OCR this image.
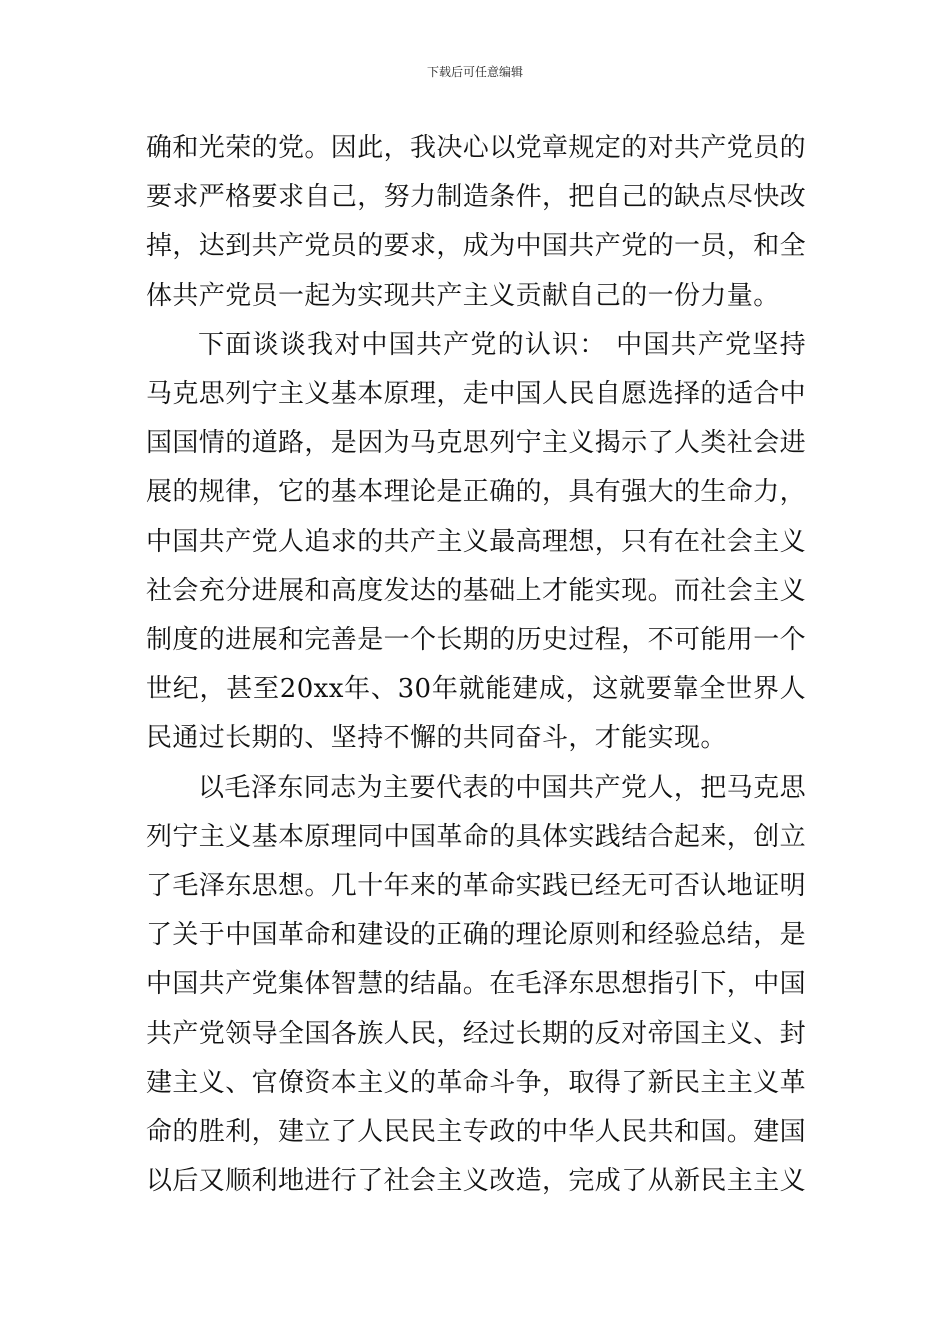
下载后可任意编辑

确和光荣的党。因此，我决心以党章规定的对共产党员的要求严格要求自己，努力制造条件，把自己的缺点尽快改掉，达到共产党员的要求，成为中国共产党的一员，和全体共产党员一起为实现共产主义贡献自己的一份力量。

下面谈谈我对中国共产党的认识： 中国共产党坚持马克思列宁主义基本原理，走中国人民自愿选择的适合中国国情的道路，是因为马克思列宁主义揭示了人类社会进展的规律，它的基本理论是正确的，具有强大的生命力，中国共产党人追求的共产主义最高理想，只有在社会主义社会充分进展和高度发达的基础上才能实现。而社会主义制度的进展和完善是一个长期的历史过程，不可能用一个世纪，甚至20xx年、30年就能建成，这就要靠全世界人民通过长期的、坚持不懈的共同奋斗，才能实现。

以毛泽东同志为主要代表的中国共产党人，把马克思列宁主义基本原理同中国革命的具体实践结合起来，创立了毛泽东思想。几十年来的革命实践已经无可否认地证明了关于中国革命和建设的正确的理论原则和经验总结，是中国共产党集体智慧的结晶。在毛泽东思想指引下，中国共产党领导全国各族人民，经过长期的反对帝国主义、封建主义、官僚资本主义的革命斗争，取得了新民主主义革命的胜利，建立了人民民主专政的中华人民共和国。建国以后又顺利地进行了社会主义改造，完成了从新民主主义
